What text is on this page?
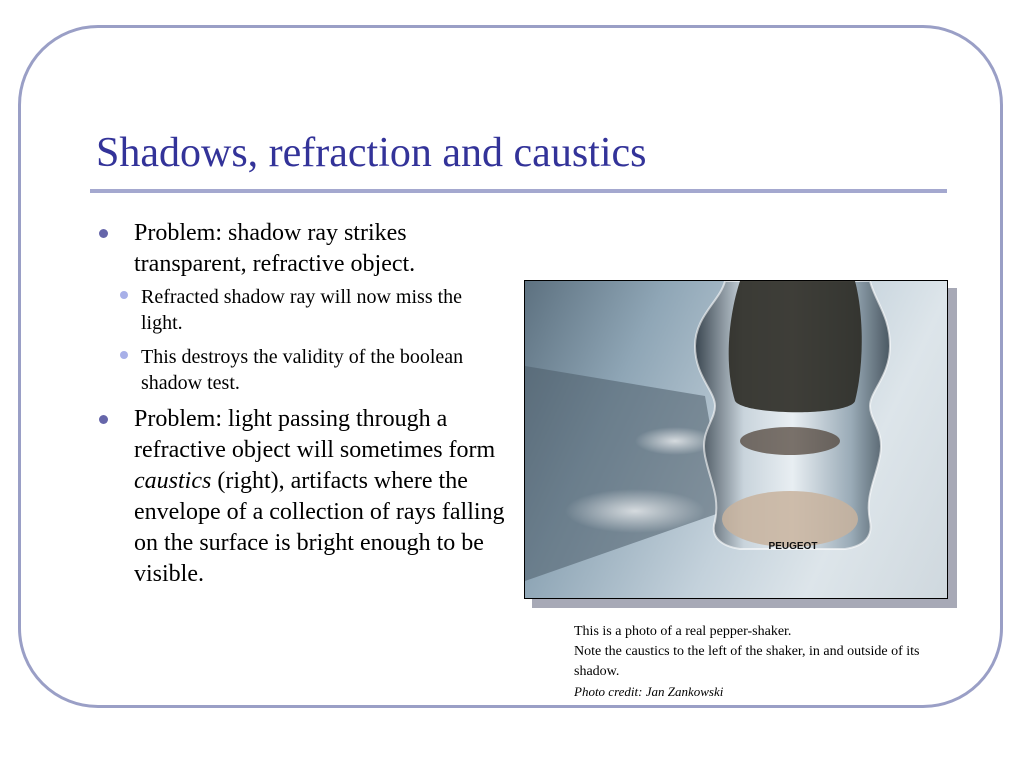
Shadows, refraction and caustics
Problem: shadow ray strikes transparent, refractive object.
Refracted shadow ray will now miss the light.
This destroys the validity of the boolean shadow test.
Problem: light passing through a refractive object will sometimes form caustics (right), artifacts where the envelope of a collection of rays falling on the surface is bright enough to be visible.
PEUGEOT
This is a photo of a real pepper-shaker.
Note the caustics to the left of the shaker, in and outside of its shadow.
Photo credit: Jan Zankowski
